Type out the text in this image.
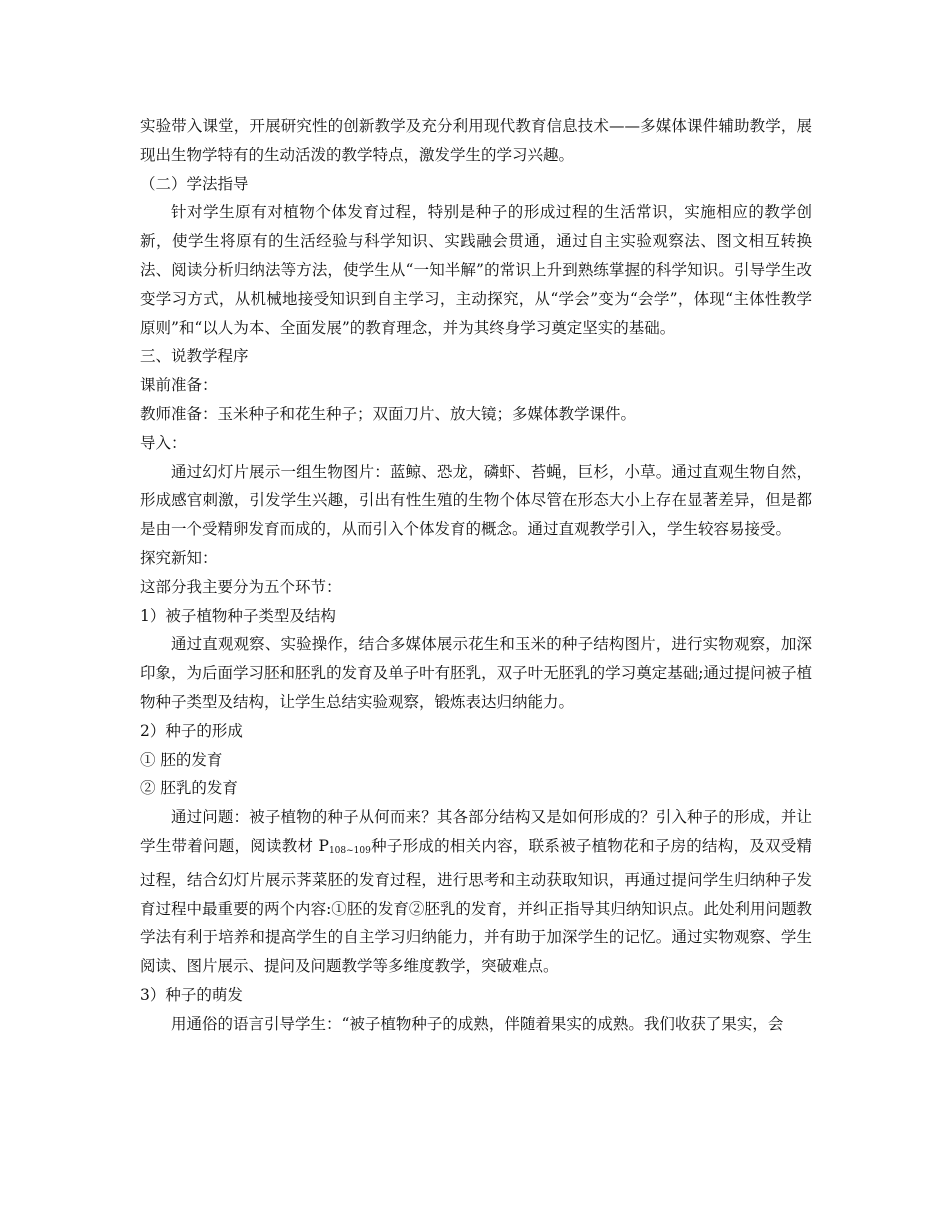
实验带入课堂，开展研究性的创新教学及充分利用现代教育信息技术——多媒体课件辅助教学，展现出生物学特有的生动活泼的教学特点，激发学生的学习兴趣。

（二）学法指导

针对学生原有对植物个体发育过程，特别是种子的形成过程的生活常识，实施相应的教学创新，使学生将原有的生活经验与科学知识、实践融会贯通，通过自主实验观察法、图文相互转换法、阅读分析归纳法等方法，使学生从“一知半解”的常识上升到熟练掌握的科学知识。引导学生改变学习方式，从机械地接受知识到自主学习，主动探究，从“学会”变为“会学”，体现“主体性教学原则”和“以人为本、全面发展”的教育理念，并为其终身学习奠定坚实的基础。

三、说教学程序

课前准备：

教师准备：玉米种子和花生种子；双面刀片、放大镜；多媒体教学课件。

导入：

通过幻灯片展示一组生物图片：蓝鲸、恐龙，磷虾、苔蝇，巨杉，小草。通过直观生物自然，形成感官刺激，引发学生兴趣，引出有性生殖的生物个体尽管在形态大小上存在显著差异，但是都是由一个受精卵发育而成的，从而引入个体发育的概念。通过直观教学引入，学生较容易接受。

探究新知：

这部分我主要分为五个环节：

1）被子植物种子类型及结构

通过直观观察、实验操作，结合多媒体展示花生和玉米的种子结构图片，进行实物观察，加深印象，为后面学习胚和胚乳的发育及单子叶有胚乳，双子叶无胚乳的学习奠定基础;通过提问被子植物种子类型及结构，让学生总结实验观察，锻炼表达归纳能力。

2）种子的形成

① 胚的发育

② 胚乳的发育

通过问题：被子植物的种子从何而来？其各部分结构又是如何形成的？引入种子的形成，并让学生带着问题，阅读教材 P108~109种子形成的相关内容，联系被子植物花和子房的结构，及双受精过程，结合幻灯片展示荠菜胚的发育过程，进行思考和主动获取知识，再通过提问学生归纳种子发育过程中最重要的两个内容:①胚的发育②胚乳的发育，并纠正指导其归纳知识点。此处利用问题教学法有利于培养和提高学生的自主学习归纳能力，并有助于加深学生的记忆。通过实物观察、学生阅读、图片展示、提问及问题教学等多维度教学，突破难点。

3）种子的萌发

用通俗的语言引导学生：“被子植物种子的成熟，伴随着果实的成熟。我们收获了果实，会
